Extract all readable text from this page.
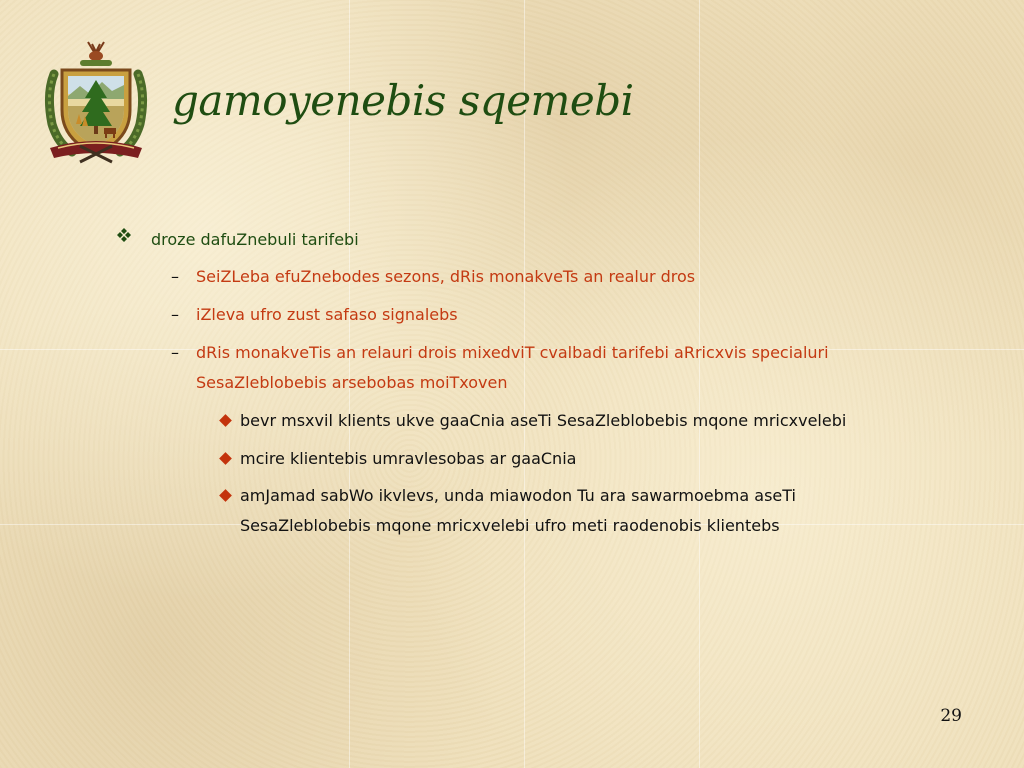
gamoyenebis sqemebi
droze dafuZnebuli tarifebi
– SeiZLeba efuZnebodes sezons, dRis monakveTs an realur dros
– iZleva ufro zust safaso signalebs
– dRis monakveTis an relauri drois mixedviT cvalbadi tarifebi aRricxvis specialuri
SesaZleblobebis arsebobas moiTxoven
bevr msxvil klients ukve gaaCnia aseTi SesaZleblobebis mqone mricxvelebi
mcire klientebis umravlesobas ar gaaCnia
amJamad sabWo ikvlevs, unda miawodon Tu ara sawarmoebma aseTi
SesaZleblobebis mqone mricxvelebi ufro meti raodenobis klientebs
29
